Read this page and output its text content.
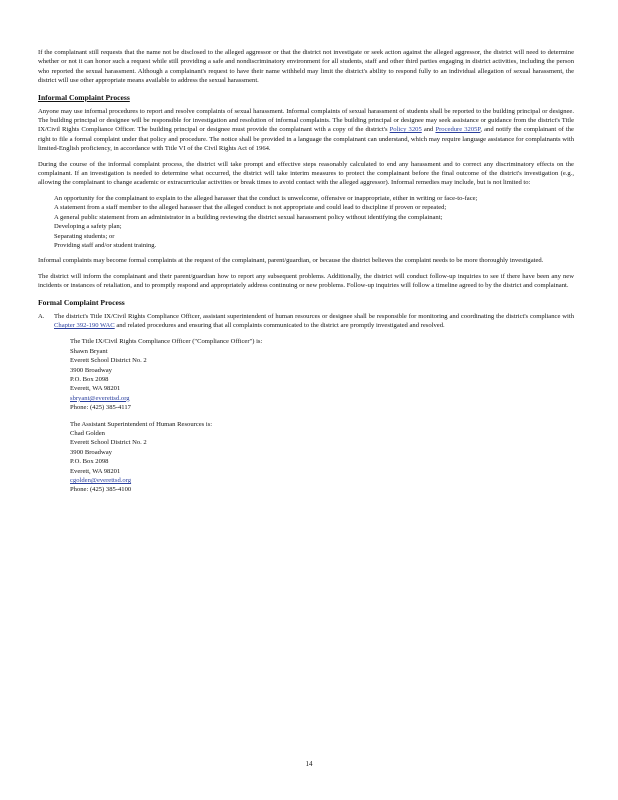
If the complainant still requests that the name not be disclosed to the alleged aggressor or that the district not investigate or seek action against the alleged aggressor, the district will need to determine whether or not it can honor such a request while still providing a safe and nondiscriminatory environment for all students, staff and other third parties engaging in district activities, including the person who reported the sexual harassment. Although a complainant's request to have their name withheld may limit the district's ability to respond fully to an individual allegation of sexual harassment, the district will use other appropriate means available to address the sexual harassment.

Informal Complaint Process

Anyone may use informal procedures to report and resolve complaints of sexual harassment. Informal complaints of sexual harassment of students shall be reported to the building principal or designee. The building principal or designee will be responsible for investigation and resolution of informal complaints. The building principal or designee may seek assistance or guidance from the district's Title IX/Civil Rights Compliance Officer. The building principal or designee must provide the complainant with a copy of the district's Policy 3205 and Procedure 3205P, and notify the complainant of the right to file a formal complaint under that policy and procedure. The notice shall be provided in a language the complainant can understand, which may require language assistance for complainants with limited-English proficiency, in accordance with Title VI of the Civil Rights Act of 1964.

During the course of the informal complaint process, the district will take prompt and effective steps reasonably calculated to end any harassment and to correct any discriminatory effects on the complainant. If an investigation is needed to determine what occurred, the district will take interim measures to protect the complainant before the final outcome of the district's investigation (e.g., allowing the complainant to change academic or extracurricular activities or break times to avoid contact with the alleged aggressor). Informal remedies may include, but is not limited to:

An opportunity for the complainant to explain to the alleged harasser that the conduct is unwelcome, offensive or inappropriate, either in writing or face-to-face;
A statement from a staff member to the alleged harasser that the alleged conduct is not appropriate and could lead to discipline if proven or repeated;
A general public statement from an administrator in a building reviewing the district sexual harassment policy without identifying the complainant;
Developing a safety plan;
Separating students; or
Providing staff and/or student training.

Informal complaints may become formal complaints at the request of the complainant, parent/guardian, or because the district believes the complaint needs to be more thoroughly investigated.

The district will inform the complainant and their parent/guardian how to report any subsequent problems. Additionally, the district will conduct follow-up inquiries to see if there have been any new incidents or instances of retaliation, and to promptly respond and appropriately address continuing or new problems. Follow-up inquiries will follow a timeline agreed to by the district and complainant.

Formal Complaint Process
A. The district's Title IX/Civil Rights Compliance Officer, assistant superintendent of human resources or designee shall be responsible for monitoring and coordinating the district's compliance with Chapter 392-190 WAC and related procedures and ensuring that all complaints communicated to the district are promptly investigated and resolved.

The Title IX/Civil Rights Compliance Officer ("Compliance Officer") is:
Shawn Bryant
Everett School District No. 2
3900 Broadway
P.O. Box 2098
Everett, WA 98201
sbryant@everettsd.org
Phone: (425) 385-4117
The Assistant Superintendent of Human Resources is:
Chad Golden
Everett School District No. 2
3900 Broadway
P.O. Box 2098
Everett, WA 98201
cgolden@everettsd.org
Phone: (425) 385-4100
14
